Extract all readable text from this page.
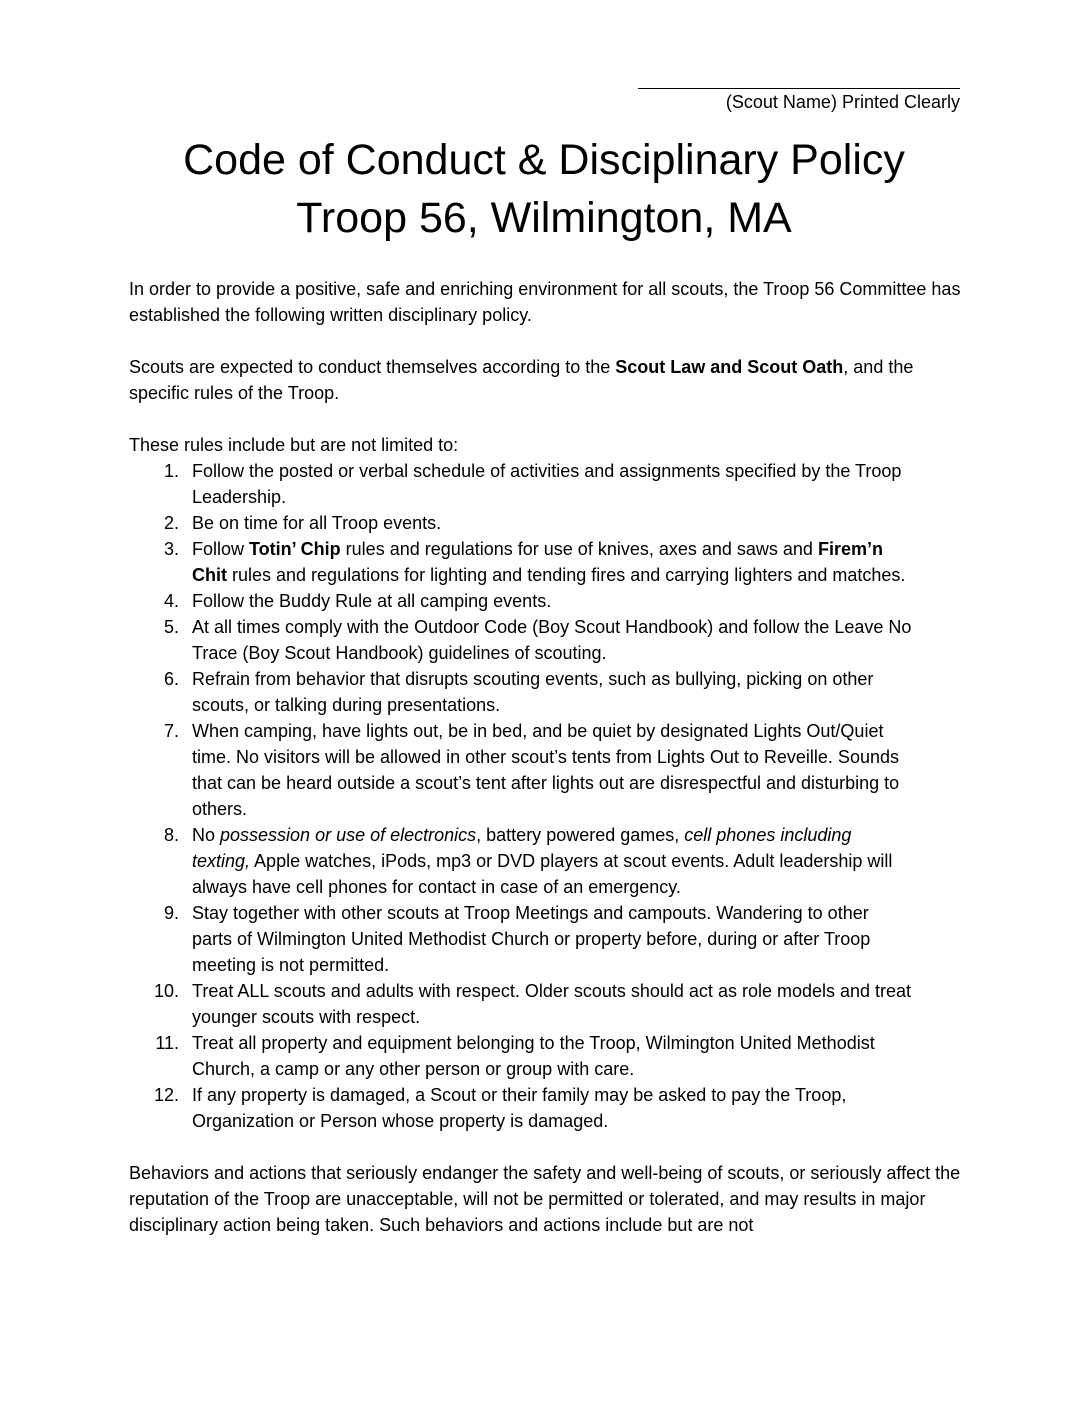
(Scout Name) Printed Clearly
Code of Conduct & Disciplinary Policy
Troop 56, Wilmington, MA

In order to provide a positive, safe and enriching environment for all scouts, the Troop 56 Committee has established the following written disciplinary policy.

Scouts are expected to conduct themselves according to the Scout Law and Scout Oath, and the specific rules of the Troop.

These rules include but are not limited to:

1. Follow the posted or verbal schedule of activities and assignments specified by the Troop Leadership.
2. Be on time for all Troop events.
3. Follow Totin’ Chip rules and regulations for use of knives, axes and saws and Firem’n Chit rules and regulations for lighting and tending fires and carrying lighters and matches.
4. Follow the Buddy Rule at all camping events.
5. At all times comply with the Outdoor Code (Boy Scout Handbook) and follow the Leave No Trace (Boy Scout Handbook) guidelines of scouting.
6. Refrain from behavior that disrupts scouting events, such as bullying, picking on other scouts, or talking during presentations.
7. When camping, have lights out, be in bed, and be quiet by designated Lights Out/Quiet time. No visitors will be allowed in other scout’s tents from Lights Out to Reveille. Sounds that can be heard outside a scout’s tent after lights out are disrespectful and disturbing to others.
8. No possession or use of electronics, battery powered games, cell phones including texting, Apple watches, iPods, mp3 or DVD players at scout events. Adult leadership will always have cell phones for contact in case of an emergency.
9. Stay together with other scouts at Troop Meetings and campouts. Wandering to other parts of Wilmington United Methodist Church or property before, during or after Troop meeting is not permitted.
10. Treat ALL scouts and adults with respect. Older scouts should act as role models and treat younger scouts with respect.
11. Treat all property and equipment belonging to the Troop, Wilmington United Methodist Church, a camp or any other person or group with care.
12. If any property is damaged, a Scout or their family may be asked to pay the Troop, Organization or Person whose property is damaged.

Behaviors and actions that seriously endanger the safety and well-being of scouts, or seriously affect the reputation of the Troop are unacceptable, will not be permitted or tolerated, and may results in major disciplinary action being taken. Such behaviors and actions include but are not
